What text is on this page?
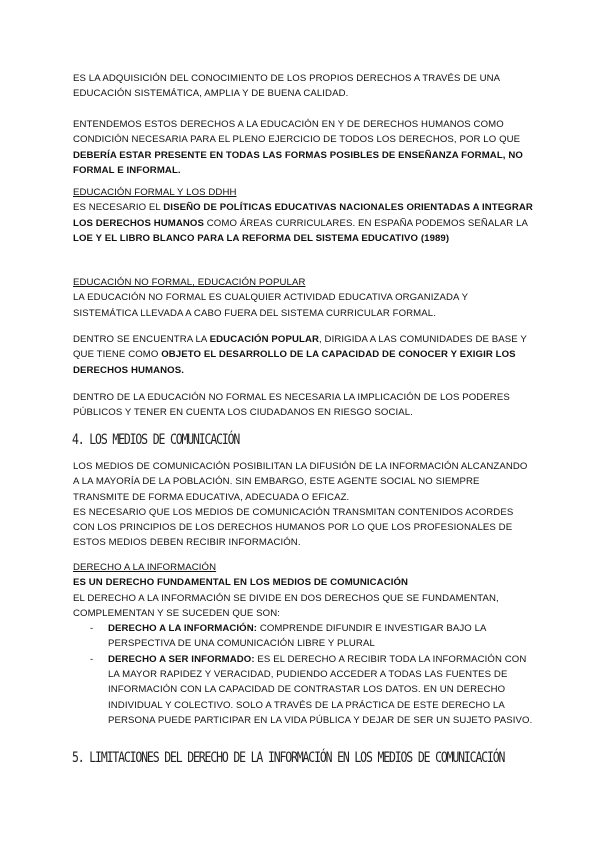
ES LA ADQUISICIÓN DEL CONOCIMIENTO DE LOS PROPIOS DERECHOS A TRAVÉS DE UNA EDUCACIÓN SISTEMÁTICA, AMPLIA Y DE BUENA CALIDAD.

ENTENDEMOS ESTOS DERECHOS A LA EDUCACIÓN EN Y DE DERECHOS HUMANOS COMO CONDICIÓN NECESARIA PARA EL PLENO EJERCICIO DE TODOS LOS DERECHOS, POR LO QUE DEBERÍA ESTAR PRESENTE EN TODAS LAS FORMAS POSIBLES DE ENSEÑANZA FORMAL, NO FORMAL E INFORMAL.

EDUCACIÓN FORMAL Y LOS DDHH

ES NECESARIO EL DISEÑO DE POLÍTICAS EDUCATIVAS NACIONALES ORIENTADAS A INTEGRAR LOS DERECHOS HUMANOS COMO ÁREAS CURRICULARES. EN ESPAÑA PODEMOS SEÑALAR LA LOE Y EL LIBRO BLANCO PARA LA REFORMA DEL SISTEMA EDUCATIVO (1989)

EDUCACIÓN NO FORMAL, EDUCACIÓN POPULAR

LA EDUCACIÓN NO FORMAL ES CUALQUIER ACTIVIDAD EDUCATIVA ORGANIZADA Y SISTEMÁTICA LLEVADA A CABO FUERA DEL SISTEMA CURRICULAR FORMAL.

DENTRO SE ENCUENTRA LA EDUCACIÓN POPULAR, DIRIGIDA A LAS COMUNIDADES DE BASE Y QUE TIENE COMO OBJETO EL DESARROLLO DE LA CAPACIDAD DE CONOCER Y EXIGIR LOS DERECHOS HUMANOS.

DENTRO DE LA EDUCACIÓN NO FORMAL ES NECESARIA LA IMPLICACIÓN DE LOS PODERES PÚBLICOS Y TENER EN CUENTA LOS CIUDADANOS EN RIESGO SOCIAL.

4. LOS MEDIOS DE COMUNICACIÓN

LOS MEDIOS DE COMUNICACIÓN POSIBILITAN LA DIFUSIÓN DE LA INFORMACIÓN ALCANZANDO A LA MAYORÍA DE LA POBLACIÓN. SIN EMBARGO, ESTE AGENTE SOCIAL NO SIEMPRE TRANSMITE DE FORMA EDUCATIVA, ADECUADA O EFICAZ.

ES NECESARIO QUE LOS MEDIOS DE COMUNICACIÓN TRANSMITAN CONTENIDOS ACORDES CON LOS PRINCIPIOS DE LOS DERECHOS HUMANOS POR LO QUE LOS PROFESIONALES DE ESTOS MEDIOS DEBEN RECIBIR INFORMACIÓN.

DERECHO A LA INFORMACIÓN

ES UN DERECHO FUNDAMENTAL EN LOS MEDIOS DE COMUNICACIÓN

EL DERECHO A LA INFORMACIÓN SE DIVIDE EN DOS DERECHOS QUE SE FUNDAMENTAN, COMPLEMENTAN Y SE SUCEDEN QUE SON:

- DERECHO A LA INFORMACIÓN: COMPRENDE DIFUNDIR E INVESTIGAR BAJO LA PERSPECTIVA DE UNA COMUNICACIÓN LIBRE Y PLURAL
- DERECHO A SER INFORMADO: ES EL DERECHO A RECIBIR TODA LA INFORMACIÓN CON LA MAYOR RAPIDEZ Y VERACIDAD, PUDIENDO ACCEDER A TODAS LAS FUENTES DE INFORMACIÓN CON LA CAPACIDAD DE CONTRASTAR LOS DATOS. EN UN DERECHO INDIVIDUAL Y COLECTIVO. SOLO A TRAVÉS DE LA PRÁCTICA DE ESTE DERECHO LA PERSONA PUEDE PARTICIPAR EN LA VIDA PÚBLICA Y DEJAR DE SER UN SUJETO PASIVO.
5. LIMITACIONES DEL DERECHO DE LA INFORMACIÓN EN LOS MEDIOS DE COMUNICACIÓN
